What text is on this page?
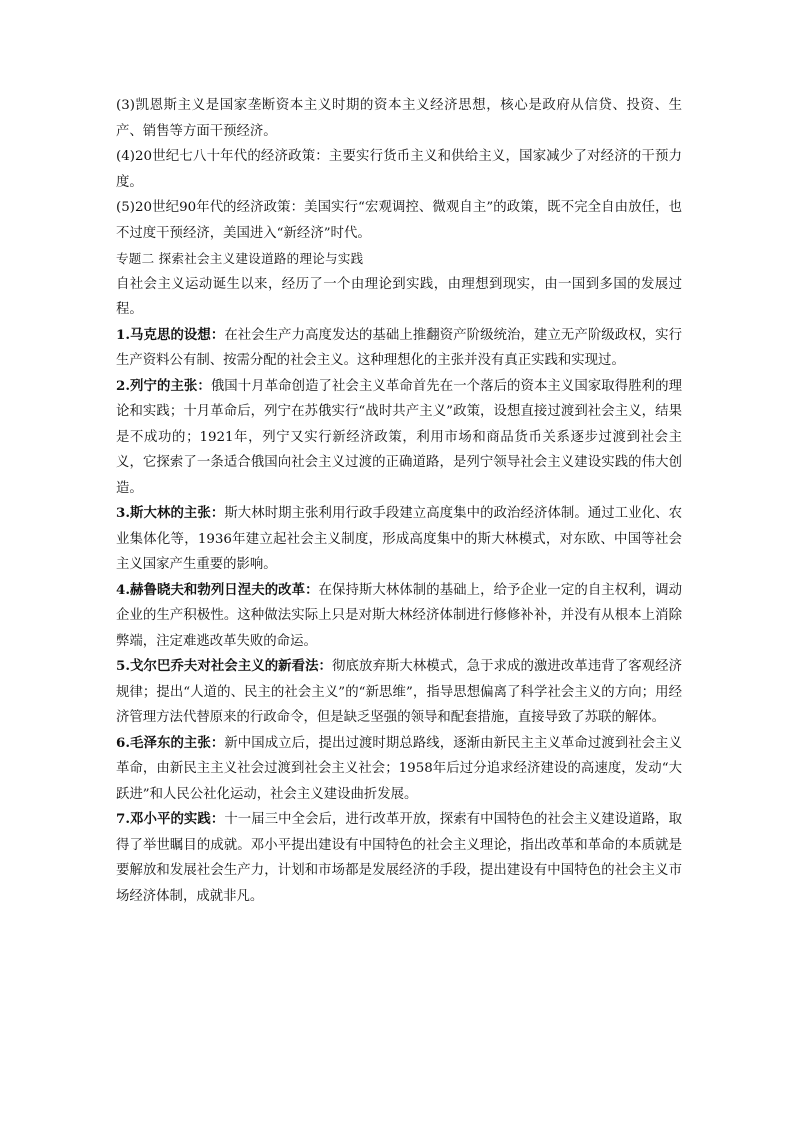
(3)凯恩斯主义是国家垄断资本主义时期的资本主义经济思想，核心是政府从信贷、投资、生产、销售等方面干预经济。

(4)20世纪七八十年代的经济政策：主要实行货币主义和供给主义，国家减少了对经济的干预力度。

(5)20世纪90年代的经济政策：美国实行“宏观调控、微观自主”的政策，既不完全自由放任，也不过度干预经济，美国进入“新经济”时代。

专题二 探索社会主义建设道路的理论与实践

自社会主义运动诞生以来，经历了一个由理论到实践，由理想到现实，由一国到多国的发展过程。

1.马克思的设想：在社会生产力高度发达的基础上推翻资产阶级统治，建立无产阶级政权，实行生产资料公有制、按需分配的社会主义。这种理想化的主张并没有真正实践和实现过。

2.列宁的主张：俄国十月革命创造了社会主义革命首先在一个落后的资本主义国家取得胜利的理论和实践；十月革命后，列宁在苏俄实行“战时共产主义”政策，设想直接过渡到社会主义，结果是不成功的；1921年，列宁又实行新经济政策，利用市场和商品货币关系逐步过渡到社会主义，它探索了一条适合俄国向社会主义过渡的正确道路，是列宁领导社会主义建设实践的伟大创造。

3.斯大林的主张：斯大林时期主张利用行政手段建立高度集中的政治经济体制。通过工业化、农业集体化等，1936年建立起社会主义制度，形成高度集中的斯大林模式，对东欧、中国等社会主义国家产生重要的影响。

4.赫鲁晓夫和勃列日涅夫的改革：在保持斯大林体制的基础上，给予企业一定的自主权利，调动企业的生产积极性。这种做法实际上只是对斯大林经济体制进行修修补补，并没有从根本上消除弊端，注定难逃改革失败的命运。

5.戈尔巴乔夫对社会主义的新看法：彻底放弃斯大林模式，急于求成的激进改革违背了客观经济规律；提出“人道的、民主的社会主义”的“新思维”，指导思想偏离了科学社会主义的方向；用经济管理方法代替原来的行政命令，但是缺乏坚强的领导和配套措施，直接导致了苏联的解体。

6.毛泽东的主张：新中国成立后，提出过渡时期总路线，逐渐由新民主主义革命过渡到社会主义革命，由新民主主义社会过渡到社会主义社会；1958年后过分追求经济建设的高速度，发动“大跃进”和人民公社化运动，社会主义建设曲折发展。

7.邓小平的实践：十一届三中全会后，进行改革开放，探索有中国特色的社会主义建设道路，取得了举世瞩目的成就。邓小平提出建设有中国特色的社会主义理论，指出改革和革命的本质就是要解放和发展社会生产力，计划和市场都是发展经济的手段，提出建设有中国特色的社会主义市场经济体制，成就非凡。
